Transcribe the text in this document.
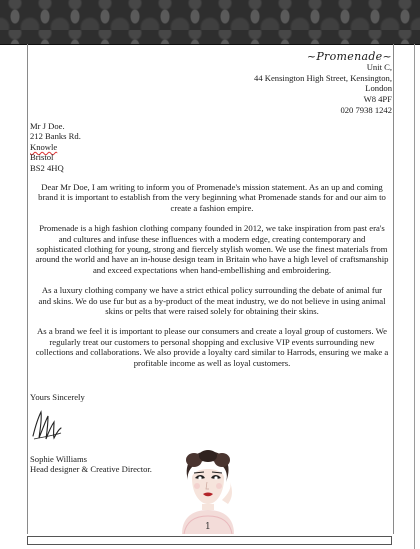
~Promenade~
Unit C,
44 Kensington High Street, Kensington,
London
W8 4PF
020 7938 1242
Mr J Doe.
212 Banks Rd.
Knowle
Bristol
BS2 4HQ

Dear Mr Doe, I am writing to inform you of Promenade's mission statement. As an up and coming brand it is important to establish from the very beginning what Promenade stands for and our aim to create a fashion empire.

Promenade is a high fashion clothing company founded in 2012, we take inspiration from past era's and cultures and infuse these influences with a modern edge, creating contemporary and sophisticated clothing for young, strong and fiercely stylish women. We use the finest materials from around the world and have an in-house design team in Britain who have a high level of craftsmanship and exceed expectations when hand-embellishing and embroidering.

As a luxury clothing company we have a strict ethical policy surrounding the debate of animal fur and skins. We do use fur but as a by-product of the meat industry, we do not believe in using animal skins or pelts that were raised solely for obtaining their skins.

As a brand we feel it is important to please our consumers and create a loyal group of customers. We regularly treat our customers to personal shopping and exclusive VIP events surrounding new collections and collaborations. We also provide a loyalty card similar to Harrods, ensuring we make a profitable income as well as loyal customers.

Yours Sincerely
Sophie Williams
Head designer & Creative Director.
1
